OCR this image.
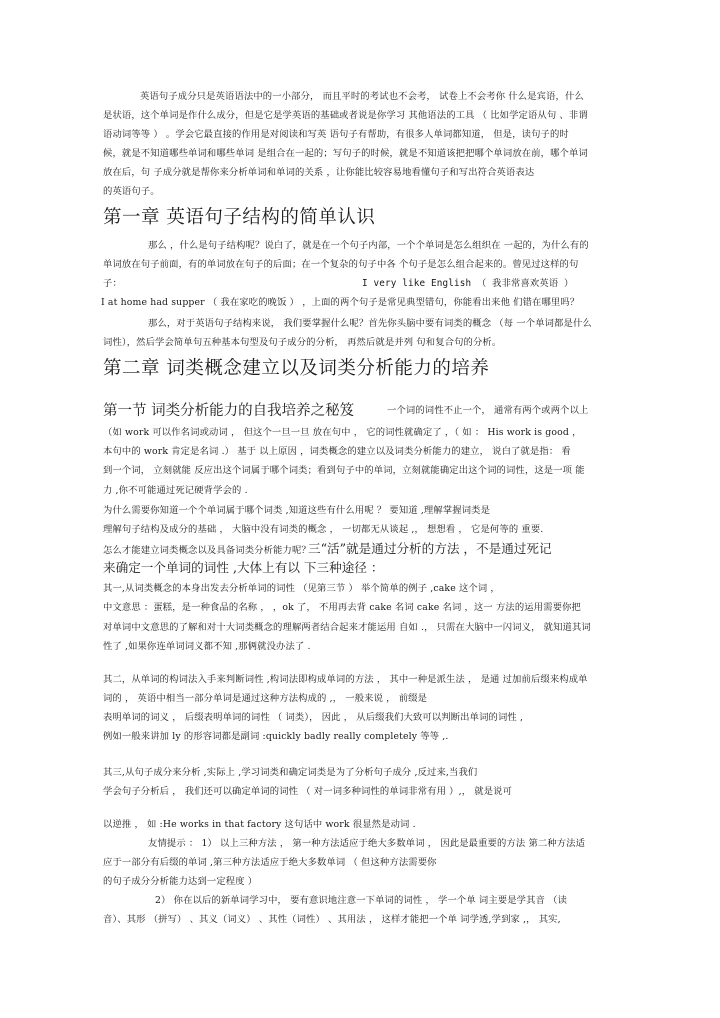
英语句子成分只是英语语法中的一小部分， 而且平时的考试也不会考， 试卷上不会考你 什么是宾语，什么
是状语，这个单词是作什么成分，但是它是学英语的基础或者说是你学习 其他语法的工具 （ 比如学定语从句 、非谓
语动词等等 ） 。学会它最直接的作用是对阅读和写英 语句子有帮助，有很多人单词都知道， 但是，读句子的时
候，就是不知道哪些单词和哪些单词 是组合在一起的；写句子的时候，就是不知道该把把哪个单词放在前，哪个单词
放在后，句 子成分就是帮你来分析单词和单词的关系 ，让你能比较容易地看懂句子和写出符合英语表达
的英语句子。
第一章 英语句子结构的简单认识
那么 ，什么是句子结构呢？说白了，就是在一个句子内部，一个个单词是怎么组织在 一起的，为什么有的
单词放在句子前面，有的单词放在句子的后面；在一个复杂的句子中各 个句子是怎么组合起来的。曾见过这样的句
子：	I very like English （ 我非常喜欢英语 ）
I at home had supper （ 我在家吃的晚饭 ） ，上面的两个句子是常见典型错句，你能看出来他 们错在哪里吗？
那么，对于英语句子结构来说， 我们要掌握什么呢？首先你头脑中要有词类的概念 （每 一个单词都是什么
词性），然后学会简单句五种基本句型及句子成分的分析， 再然后就是并列 句和复合句的分析。
第二章 词类概念建立以及词类分析能力的培养
第一节 词类分析能力的自我培养之秘笈	一个词的词性不止一个， 通常有两个或两个以上
（如 work 可以作名词或动词 ， 但这个一旦一旦 放在句中 ， 它的词性就确定了 ，（ 如 ： His work is good ，
本句中的 work 肯定是名词 .） 基于 以上原因 ，词类概念的建立以及词类分析能力的建立， 说白了就是指： 看
到一个词， 立刻就能 反应出这个词属于哪个词类；看到句子中的单词，立刻就能确定出这个词的词性，这是一项 能
力 ,你不可能通过死记硬背学会的 .
为什么需要你知道一个个单词属于哪个词类 ,知道这些有什么用呢 ？ 要知道 ,理解掌握词类是
理解句子结构及成分的基础 ， 大脑中没有词类的概念 ， 一切都无从谈起 ,， 想想看 ， 它是何等的 重要.
怎么才能建立词类概念以及具备词类分析能力呢？
三“活”就是通过分析的方法 ，不是通过死记
来确定一个单词的词性 ,大体上有以 下三种途径 ：
其一,从词类概念的本身出发去分析单词的词性 （见第三节 ） 举个简单的例子 ,cake 这个词 ，
中文意思 ：蛋糕，是一种食品的名称 ， ，ok 了， 不用再去背 cake 名词 cake 名词 ，这一 方法的运用需要你把
对单词中文意思的了解和对十大词类概念的理解两者结合起来才能运用 自如 .， 只需在大脑中一闪词义， 就知道其词
性了 ,如果你连单词词义都不知 ,那俩就没办法了 .
其二，从单词的构词法入手来判断词性 ,构词法即构成单词的方法 ， 其中一种是派生法 ， 是通 过加前后缀来构成单
词的 ， 英语中相当一部分单词是通过这种方法构成的 ,， 一般来说 ， 前缀是
表明单词的词义 ， 后缀表明单词的词性 （ 词类）， 因此 ， 从后缀我们大致可以判断出单词的词性 ,
例如一般来讲加 ly 的形容词都是副词 :quickly badly really completely 等等 ,.
其三,从句子成分来分析 ,实际上 ,学习词类和确定词类是为了分析句子成分 ,反过来,当我们
学会句子分析后 ， 我们还可以确定单词的词性 （ 对一词多种词性的单词非常有用 ）,， 就是说可
以逆推 ， 如 :He works in that factory 这句话中 work 很显然是动词 .
友情提示 ： 1） 以上三种方法 ， 第一种方法适应于绝大多数单词 ， 因此是最重要的方法 第二种方法适
应于一部分有后缀的单词 ,第三种方法适应于绝大多数单词 （ 但这种方法需要你
的句子成分分析能力达到一定程度 ）
2） 你在以后的新单词学习中， 要有意识地注意一下单词的词性 ， 学一个单 词主要是学其音 （读
音）、其形 （拼写） 、其义（词义） 、其性（词性） 、其用法 ， 这样才能把一个单 词学透,学到家 ,， 其实,
